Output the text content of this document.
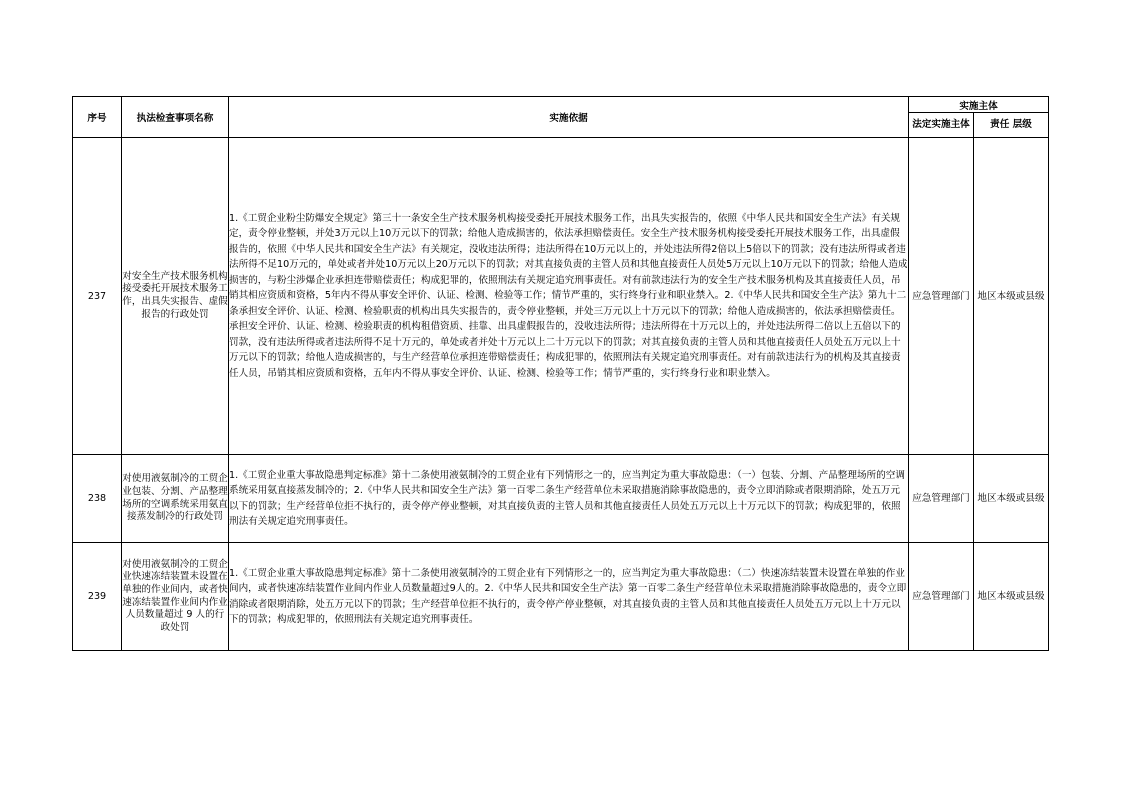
序号	执法检查事项名称	实施依据	实施主体	
			法定实施主体	责任 层级
237	对安全生产技术服务机构接受委托开展技术服务工作，出具失实报告、虚假报告的行政处罚	1.《工贸企业粉尘防爆安全规定》第三十一条安全生产技术服务机构接受委托开展技术服务工作，出具失实报告的，依照《中华人民共和国安全生产法》有关规定，责令停业整顿，并处3万元以上10万元以下的罚款；给他人造成损害的，依法承担赔偿责任。安全生产技术服务机构接受委托开展技术服务工作，出具虚假报告的，依照《中华人民共和国安全生产法》有关规定，没收违法所得；违法所得在10万元以上的，并处违法所得2倍以上5倍以下的罚款；没有违法所得或者违法所得不足10万元的，单处或者并处10万元以上20万元以下的罚款；对其直接负责的主管人员和其他直接责任人员处5万元以上10万元以下的罚款；给他人造成损害的，与粉尘涉爆企业承担连带赔偿责任；构成犯罪的，依照刑法有关规定追究刑事责任。对有前款违法行为的安全生产技术服务机构及其直接责任人员，吊销其相应资质和资格，5年内不得从事安全评价、认证、检测、检验等工作；情节严重的，实行终身行业和职业禁入。2.《中华人民共和国安全生产法》第九十二条承担安全评价、认证、检测、检验职责的机构出具失实报告的，责令停业整顿，并处三万元以上十万元以下的罚款；给他人造成损害的，依法承担赔偿责任。承担安全评价、认证、检测、检验职责的机构租借资质、挂靠、出具虚假报告的，没收违法所得；违法所得在十万元以上的，并处违法所得二倍以上五倍以下的罚款，没有违法所得或者违法所得不足十万元的，单处或者并处十万元以上二十万元以下的罚款；对其直接负责的主管人员和其他直接责任人员处五万元以上十万元以下的罚款；给他人造成损害的，与生产经营单位承担连带赔偿责任；构成犯罪的，依照刑法有关规定追究刑事责任。对有前款违法行为的机构及其直接责任人员，吊销其相应资质和资格，五年内不得从事安全评价、认证、检测、检验等工作；情节严重的，实行终身行业和职业禁入。	应急管理部门	地区本级或县级
238	对使用液氨制冷的工贸企业包装、分割、产品整理场所的空调系统采用氨直接蒸发制冷的行政处罚	1.《工贸企业重大事故隐患判定标准》第十二条使用液氨制冷的工贸企业有下列情形之一的，应当判定为重大事故隐患：（一）包装、分割、产品整理场所的空调系统采用氨直接蒸发制冷的；2.《中华人民共和国安全生产法》第一百零二条生产经营单位未采取措施消除事故隐患的，责令立即消除或者限期消除，处五万元以下的罚款；生产经营单位拒不执行的，责令停产停业整顿，对其直接负责的主管人员和其他直接责任人员处五万元以上十万元以下的罚款；构成犯罪的，依照刑法有关规定追究刑事责任。	应急管理部门	地区本级或县级
239	对使用液氨制冷的工贸企业快速冻结装置未设置在单独的作业间内，或者快速冻结装置作业间内作业人员数量超过 9 人的行政处罚	1.《工贸企业重大事故隐患判定标准》第十二条使用液氨制冷的工贸企业有下列情形之一的，应当判定为重大事故隐患：（二）快速冻结装置未设置在单独的作业间内，或者快速冻结装置作业间内作业人员数量超过9人的。2.《中华人民共和国安全生产法》第一百零二条生产经营单位未采取措施消除事故隐患的，责令立即消除或者限期消除，处五万元以下的罚款；生产经营单位拒不执行的，责令停产停业整顿，对其直接负责的主管人员和其他直接责任人员处五万元以上十万元以下的罚款；构成犯罪的，依照刑法有关规定追究刑事责任。	应急管理部门	地区本级或县级
